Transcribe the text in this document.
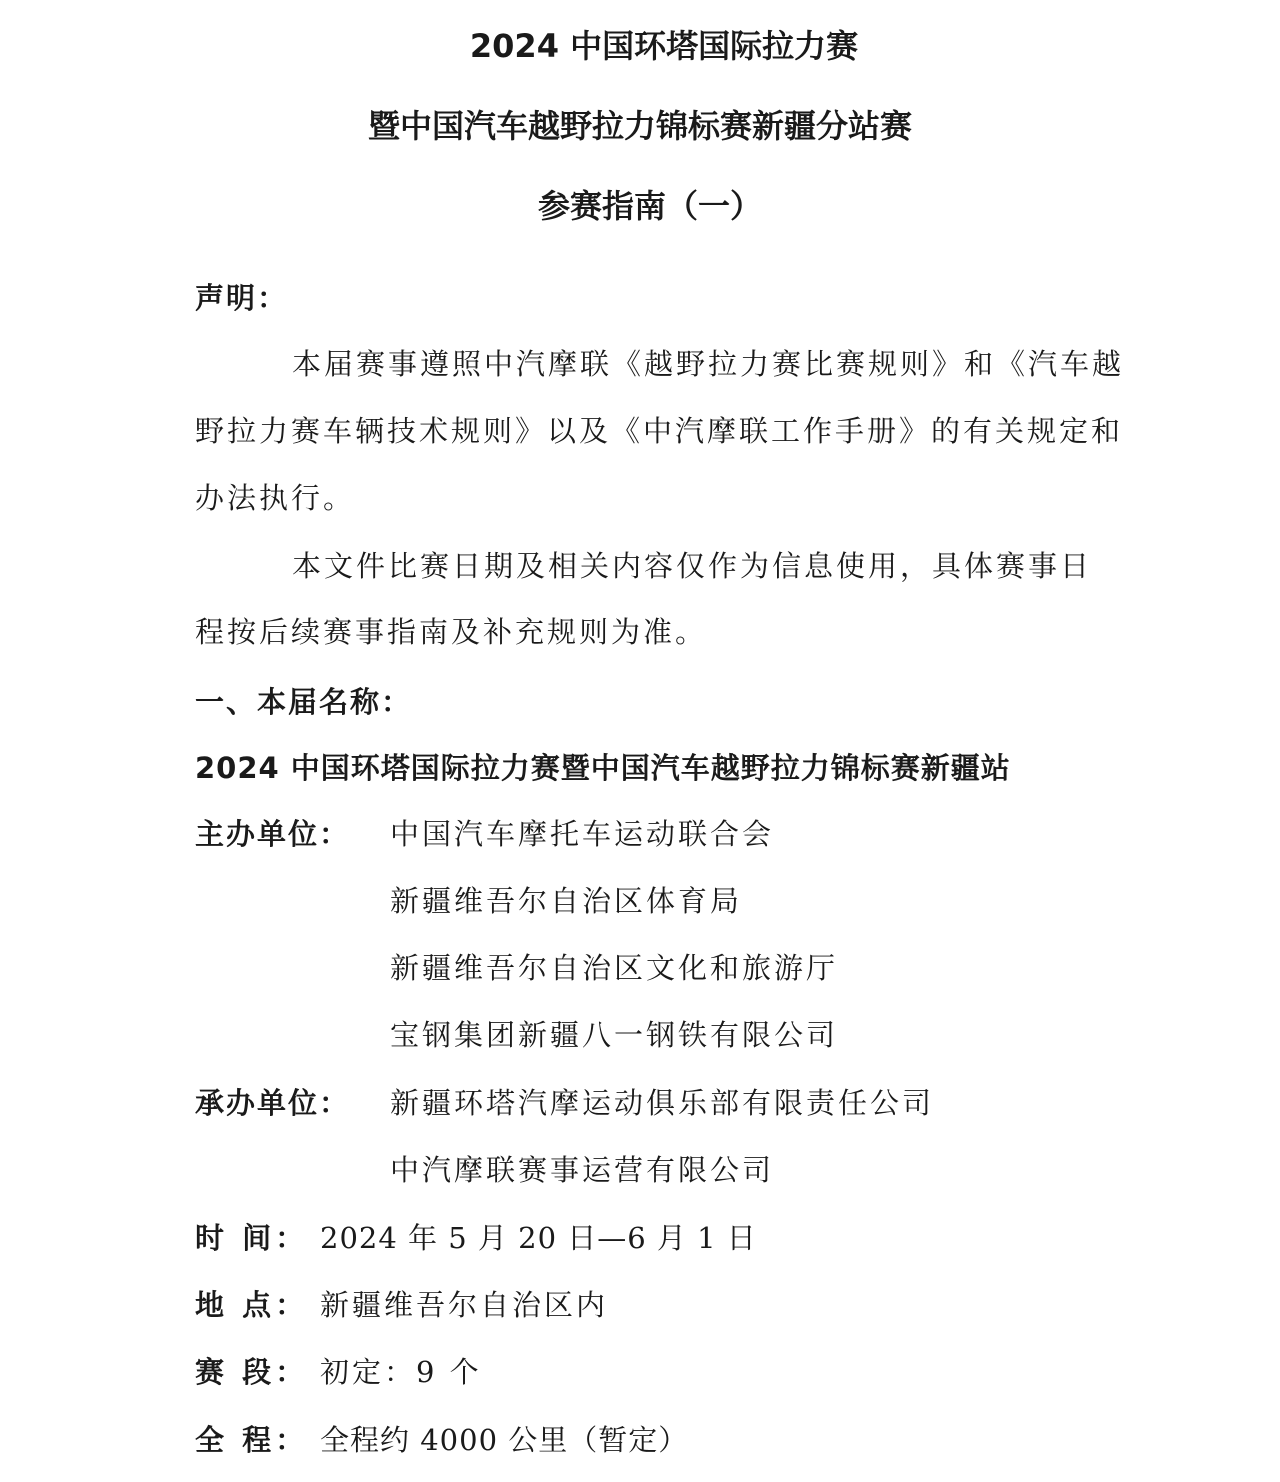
2024 中国环塔国际拉力赛
暨中国汽车越野拉力锦标赛新疆分站赛
参赛指南（一）
声明：

本届赛事遵照中汽摩联《越野拉力赛比赛规则》和《汽车越

野拉力赛车辆技术规则》以及《中汽摩联工作手册》的有关规定和

办法执行。

本文件比赛日期及相关内容仅作为信息使用，具体赛事日

程按后续赛事指南及补充规则为准。

一、本届名称：
2024 中国环塔国际拉力赛暨中国汽车越野拉力锦标赛新疆站
主办单位： 中国汽车摩托车运动联合会
新疆维吾尔自治区体育局
新疆维吾尔自治区文化和旅游厅
宝钢集团新疆八一钢铁有限公司
承办单位： 新疆环塔汽摩运动俱乐部有限责任公司
中汽摩联赛事运营有限公司
时 间： 2024 年 5 月 20 日—6 月 1 日
地 点： 新疆维吾尔自治区内
赛 段： 初定：9 个
全 程： 全程约 4000 公里（暂定）
